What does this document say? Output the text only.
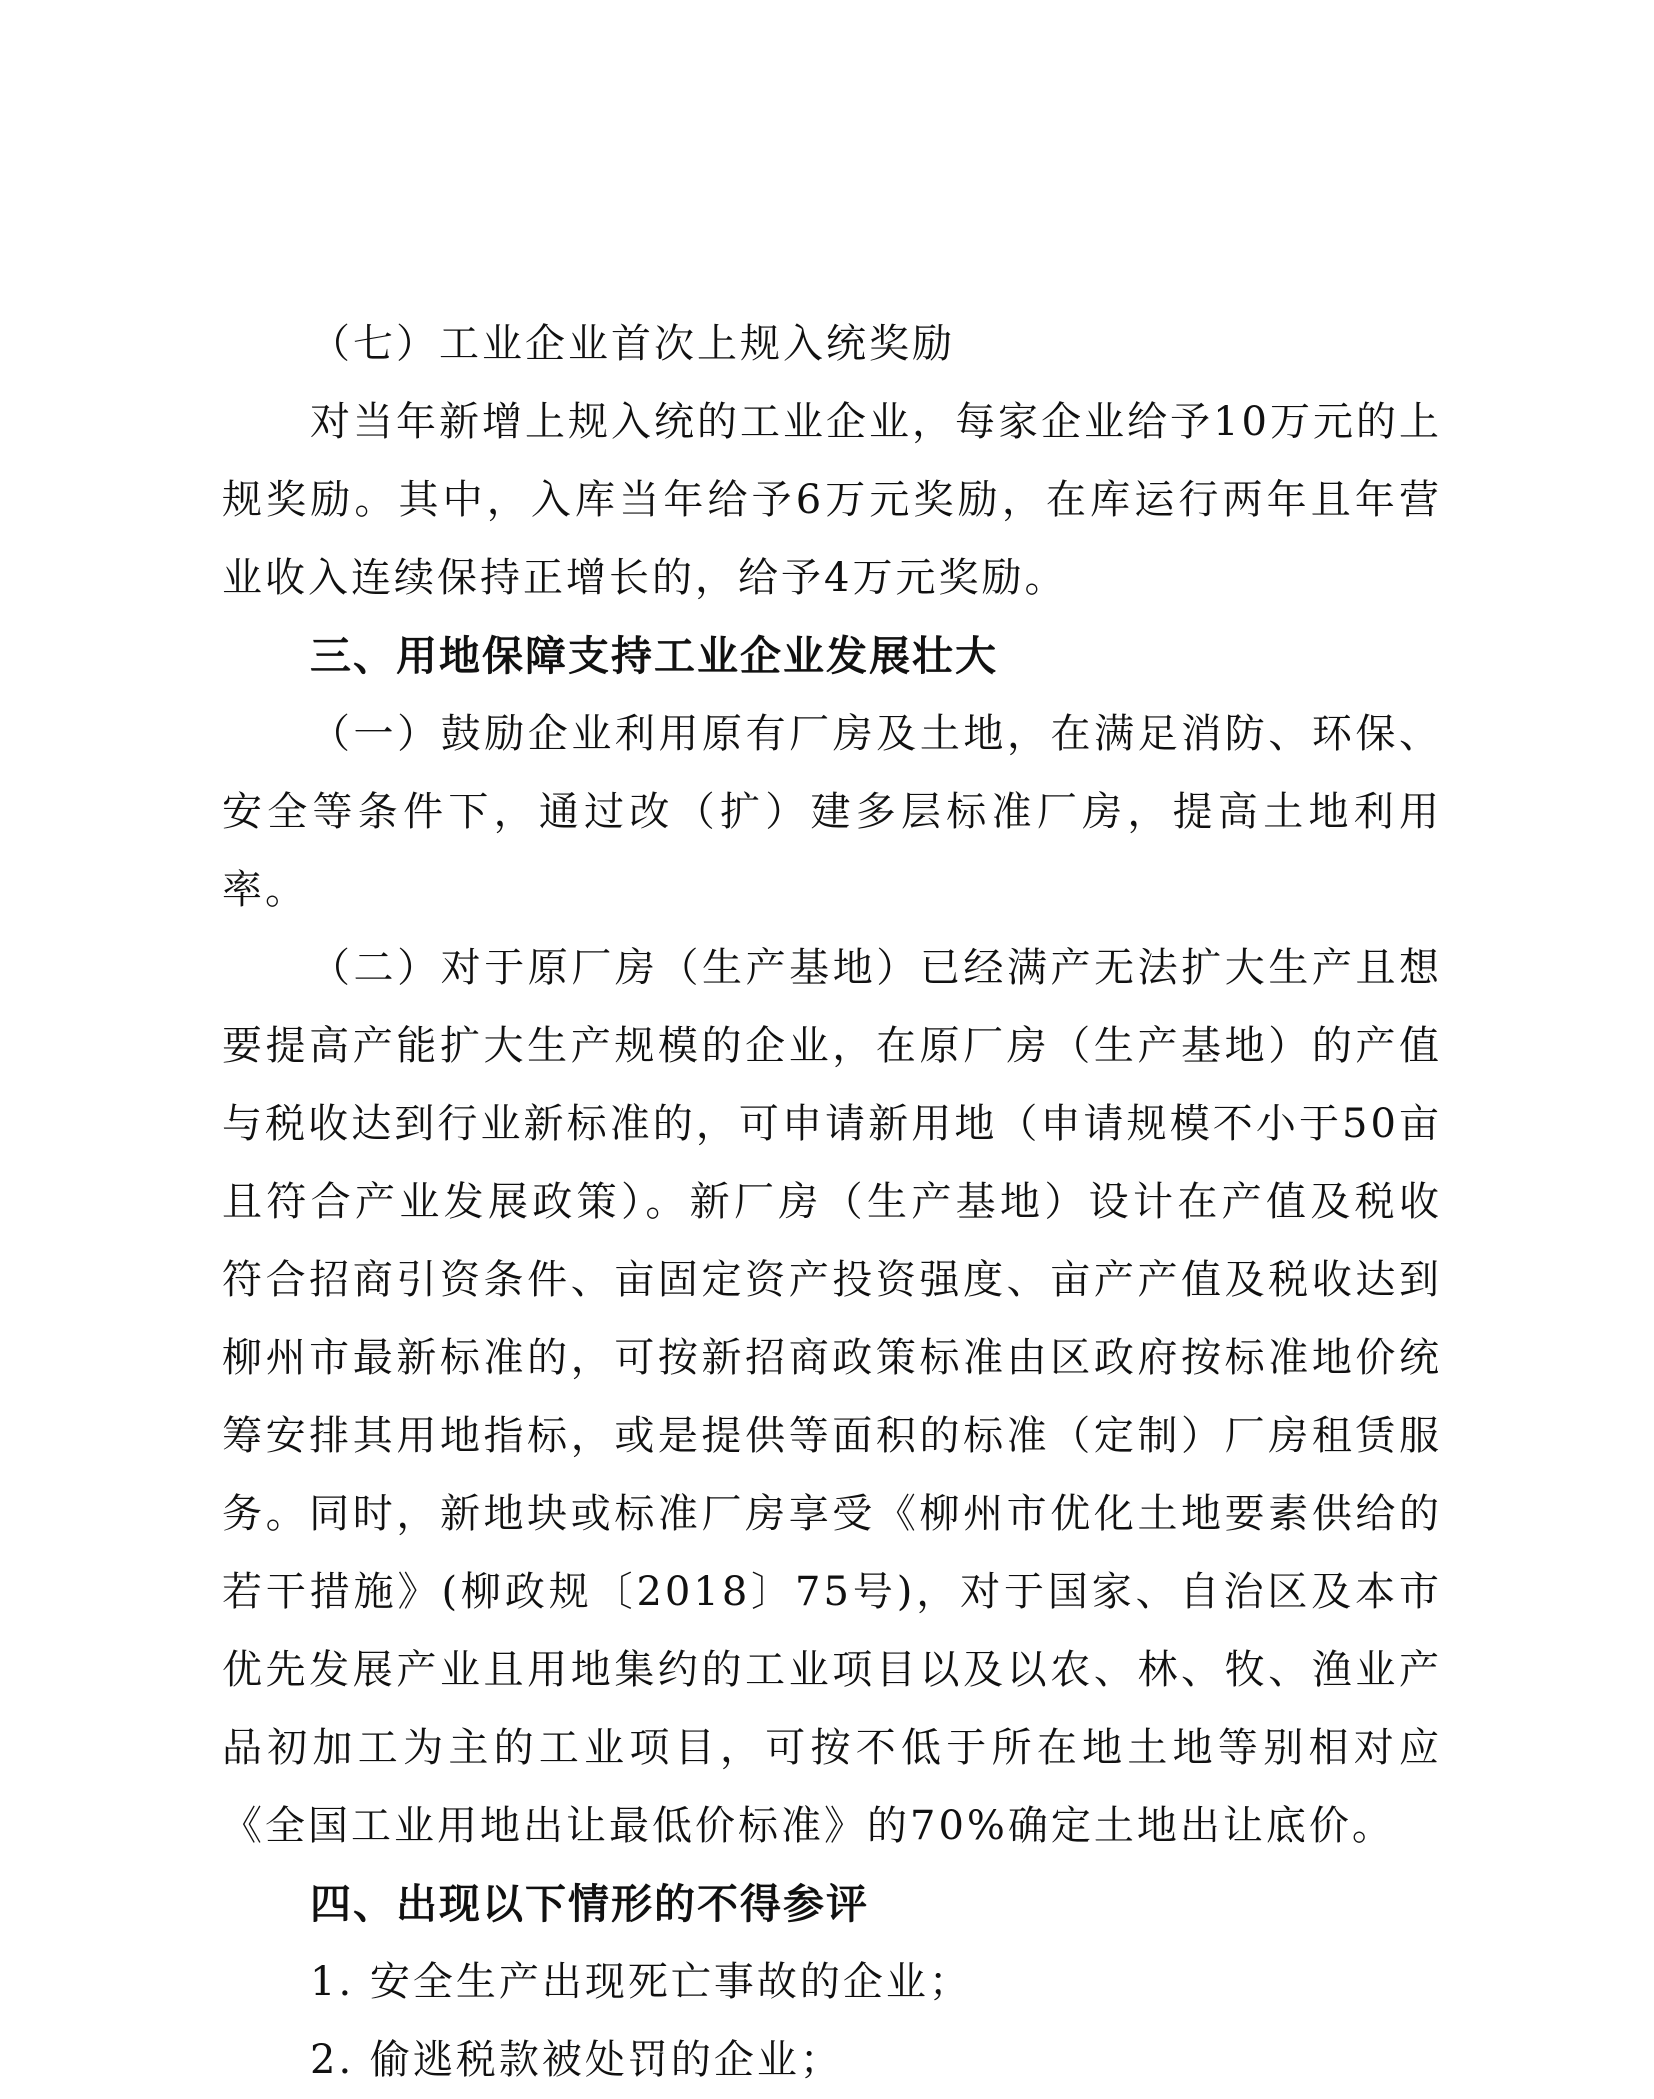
（七）工业企业首次上规入统奖励

对当年新增上规入统的工业企业，每家企业给予10万元的上规奖励。其中，入库当年给予6万元奖励，在库运行两年且年营业收入连续保持正增长的，给予4万元奖励。

三、用地保障支持工业企业发展壮大

（一）鼓励企业利用原有厂房及土地，在满足消防、环保、安全等条件下，通过改（扩）建多层标准厂房，提高土地利用率。

（二）对于原厂房（生产基地）已经满产无法扩大生产且想要提高产能扩大生产规模的企业，在原厂房（生产基地）的产值与税收达到行业新标准的，可申请新用地（申请规模不小于50亩且符合产业发展政策）。新厂房（生产基地）设计在产值及税收符合招商引资条件、亩固定资产投资强度、亩产产值及税收达到柳州市最新标准的，可按新招商政策标准由区政府按标准地价统筹安排其用地指标，或是提供等面积的标准（定制）厂房租赁服务。同时，新地块或标准厂房享受《柳州市优化土地要素供给的若干措施》(柳政规〔2018〕75号)，对于国家、自治区及本市优先发展产业且用地集约的工业项目以及以农、林、牧、渔业产品初加工为主的工业项目，可按不低于所在地土地等别相对应《全国工业用地出让最低价标准》的70%确定土地出让底价。

四、出现以下情形的不得参评

1. 安全生产出现死亡事故的企业；

2. 偷逃税款被处罚的企业；
